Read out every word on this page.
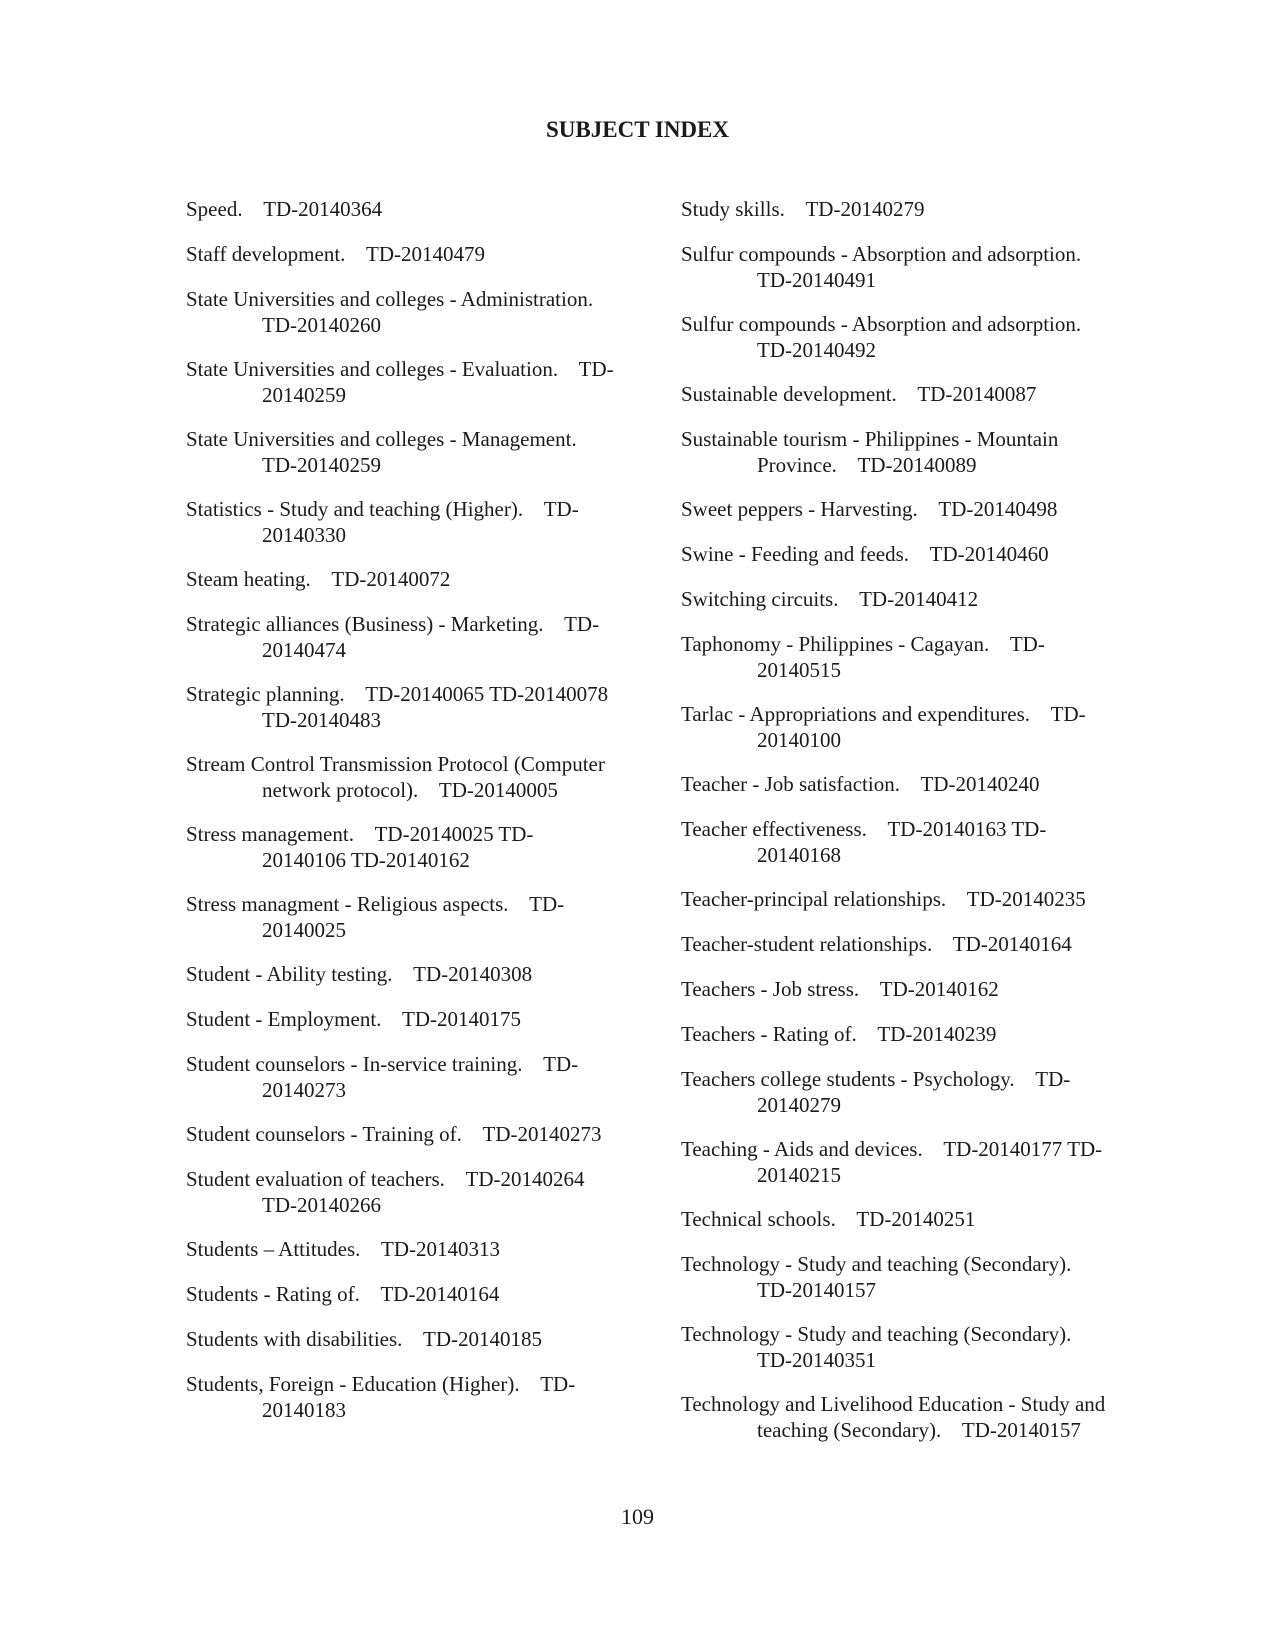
SUBJECT INDEX
Speed.    TD-20140364
Staff development.    TD-20140479
State Universities and colleges - Administration.
TD-20140260
State Universities and colleges - Evaluation.    TD-
20140259
State Universities and colleges - Management.
TD-20140259
Statistics - Study and teaching (Higher).    TD-
20140330
Steam heating.    TD-20140072
Strategic alliances (Business) - Marketing.    TD-
20140474
Strategic planning.    TD-20140065 TD-20140078
TD-20140483
Stream Control Transmission Protocol (Computer
network protocol).    TD-20140005
Stress management.    TD-20140025 TD-
20140106 TD-20140162
Stress managment - Religious aspects.    TD-
20140025
Student - Ability testing.    TD-20140308
Student - Employment.    TD-20140175
Student counselors - In-service training.    TD-
20140273
Student counselors - Training of.    TD-20140273
Student evaluation of teachers.    TD-20140264
TD-20140266
Students – Attitudes.    TD-20140313
Students - Rating of.    TD-20140164
Students with disabilities.    TD-20140185
Students, Foreign - Education (Higher).    TD-
20140183
Study skills.    TD-20140279
Sulfur compounds - Absorption and adsorption.
TD-20140491
Sulfur compounds - Absorption and adsorption.
TD-20140492
Sustainable development.    TD-20140087
Sustainable tourism - Philippines - Mountain
Province.    TD-20140089
Sweet peppers - Harvesting.    TD-20140498
Swine - Feeding and feeds.    TD-20140460
Switching circuits.    TD-20140412
Taphonomy - Philippines - Cagayan.    TD-
20140515
Tarlac - Appropriations and expenditures.    TD-
20140100
Teacher - Job satisfaction.    TD-20140240
Teacher effectiveness.    TD-20140163 TD-
20140168
Teacher-principal relationships.    TD-20140235
Teacher-student relationships.    TD-20140164
Teachers - Job stress.    TD-20140162
Teachers - Rating of.    TD-20140239
Teachers college students - Psychology.    TD-
20140279
Teaching - Aids and devices.    TD-20140177 TD-
20140215
Technical schools.    TD-20140251
Technology - Study and teaching (Secondary).
TD-20140157
Technology - Study and teaching (Secondary).
TD-20140351
Technology and Livelihood Education - Study and
teaching (Secondary).    TD-20140157
109
